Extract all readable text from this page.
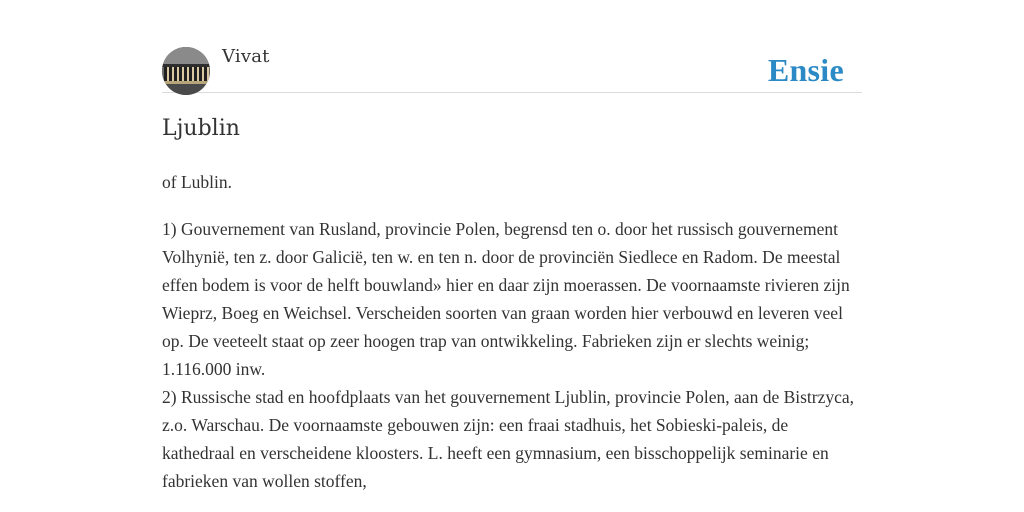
Vivat	Ensie
Ljublin

of Lublin.

1) Gouvernement van Rusland, provincie Polen, begrensd ten o. door het russisch gouvernement Volhynië, ten z. door Galicië, ten w. en ten n. door de provinciën Siedlece en Radom. De meestal effen bodem is voor de helft bouwland» hier en daar zijn moerassen. De voornaamste rivieren zijn Wieprz, Boeg en Weichsel. Verscheiden soorten van graan worden hier verbouwd en leveren veel op. De veeteelt staat op zeer hoogen trap van ontwikkeling. Fabrieken zijn er slechts weinig; 1.116.000 inw.

2) Russische stad en hoofdplaats van het gouvernement Ljublin, provincie Polen, aan de Bistrzyca, z.o. Warschau. De voornaamste gebouwen zijn: een fraai stadhuis, het Sobieski-paleis, de kathedraal en verscheidene kloosters. L. heeft een gymnasium, een bisschoppelijk seminarie en fabrieken van wollen stoffen,
